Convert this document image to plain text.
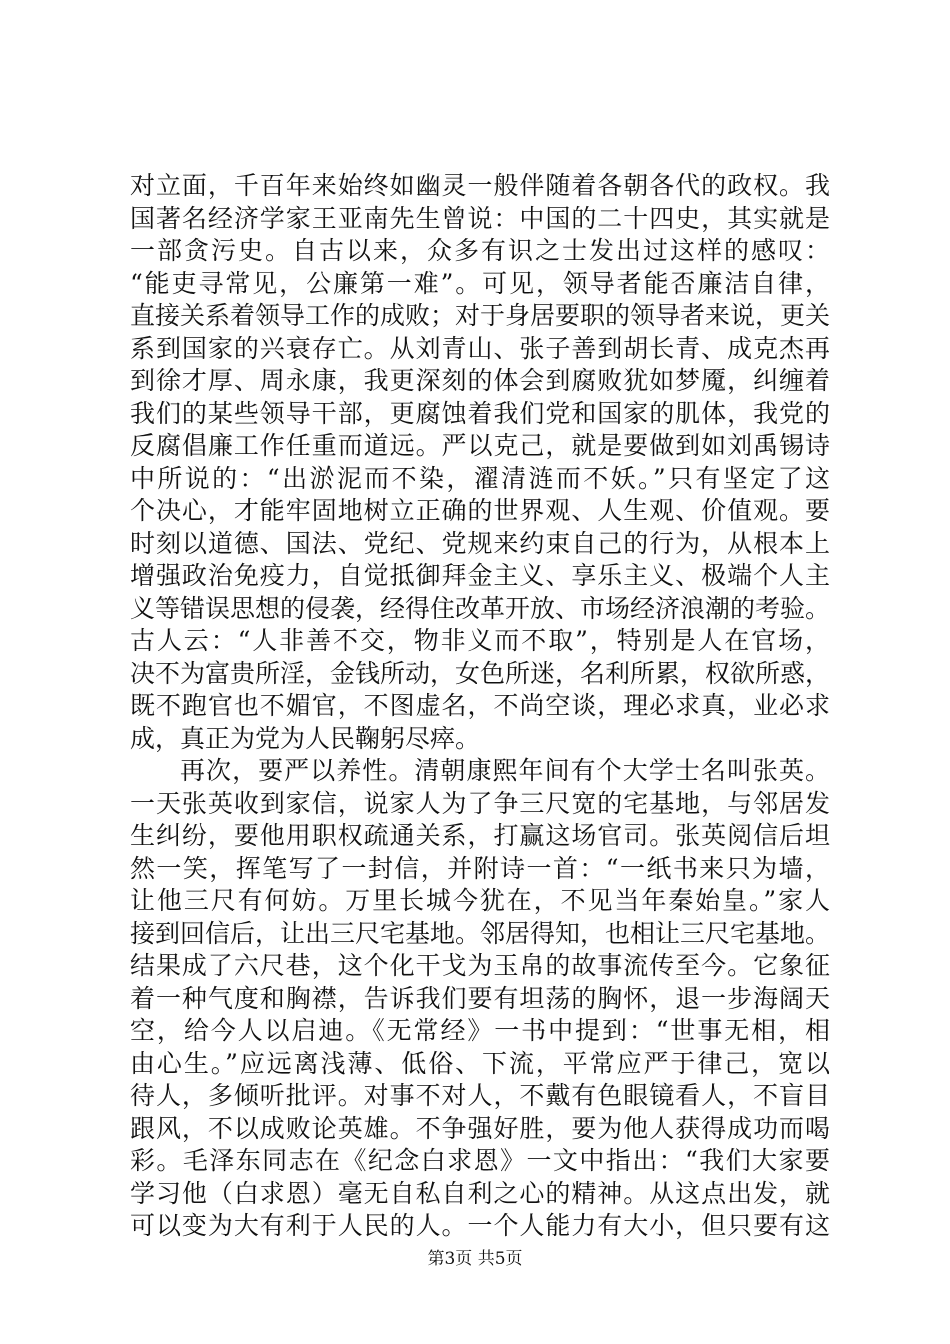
对立面，千百年来始终如幽灵一般伴随着各朝各代的政权。我
国著名经济学家王亚南先生曾说：中国的二十四史，其实就是
一部贪污史。自古以来，众多有识之士发出过这样的感叹：
“能吏寻常见，公廉第一难”。可见，领导者能否廉洁自律，
直接关系着领导工作的成败；对于身居要职的领导者来说，更关
系到国家的兴衰存亡。从刘青山、张子善到胡长青、成克杰再
到徐才厚、周永康，我更深刻的体会到腐败犹如梦魇，纠缠着
我们的某些领导干部，更腐蚀着我们党和国家的肌体，我党的
反腐倡廉工作任重而道远。严以克己，就是要做到如刘禹锡诗
中所说的：“出淤泥而不染，濯清涟而不妖。”只有坚定了这
个决心，才能牢固地树立正确的世界观、人生观、价值观。要
时刻以道德、国法、党纪、党规来约束自己的行为，从根本上
增强政治免疫力，自觉抵御拜金主义、享乐主义、极端个人主
义等错误思想的侵袭，经得住改革开放、市场经济浪潮的考验。
古人云：“人非善不交，物非义而不取”，特别是人在官场，
决不为富贵所淫，金钱所动，女色所迷，名利所累，权欲所惑，
既不跑官也不媚官，不图虚名，不尚空谈，理必求真，业必求
成，真正为党为人民鞠躬尽瘁。
再次，要严以养性。清朝康熙年间有个大学士名叫张英。
一天张英收到家信，说家人为了争三尺宽的宅基地，与邻居发
生纠纷，要他用职权疏通关系，打赢这场官司。张英阅信后坦
然一笑，挥笔写了一封信，并附诗一首：“一纸书来只为墙，
让他三尺有何妨。万里长城今犹在，不见当年秦始皇。”家人
接到回信后，让出三尺宅基地。邻居得知，也相让三尺宅基地。
结果成了六尺巷，这个化干戈为玉帛的故事流传至今。它象征
着一种气度和胸襟，告诉我们要有坦荡的胸怀，退一步海阔天
空，给今人以启迪。《无常经》一书中提到：“世事无相，相
由心生。”应远离浅薄、低俗、下流，平常应严于律己，宽以
待人，多倾听批评。对事不对人，不戴有色眼镜看人，不盲目
跟风，不以成败论英雄。不争强好胜，要为他人获得成功而喝
彩。毛泽东同志在《纪念白求恩》一文中指出：“我们大家要
学习他（白求恩）毫无自私自利之心的精神。从这点出发，就
可以变为大有利于人民的人。一个人能力有大小，但只要有这
第3页 共5页
